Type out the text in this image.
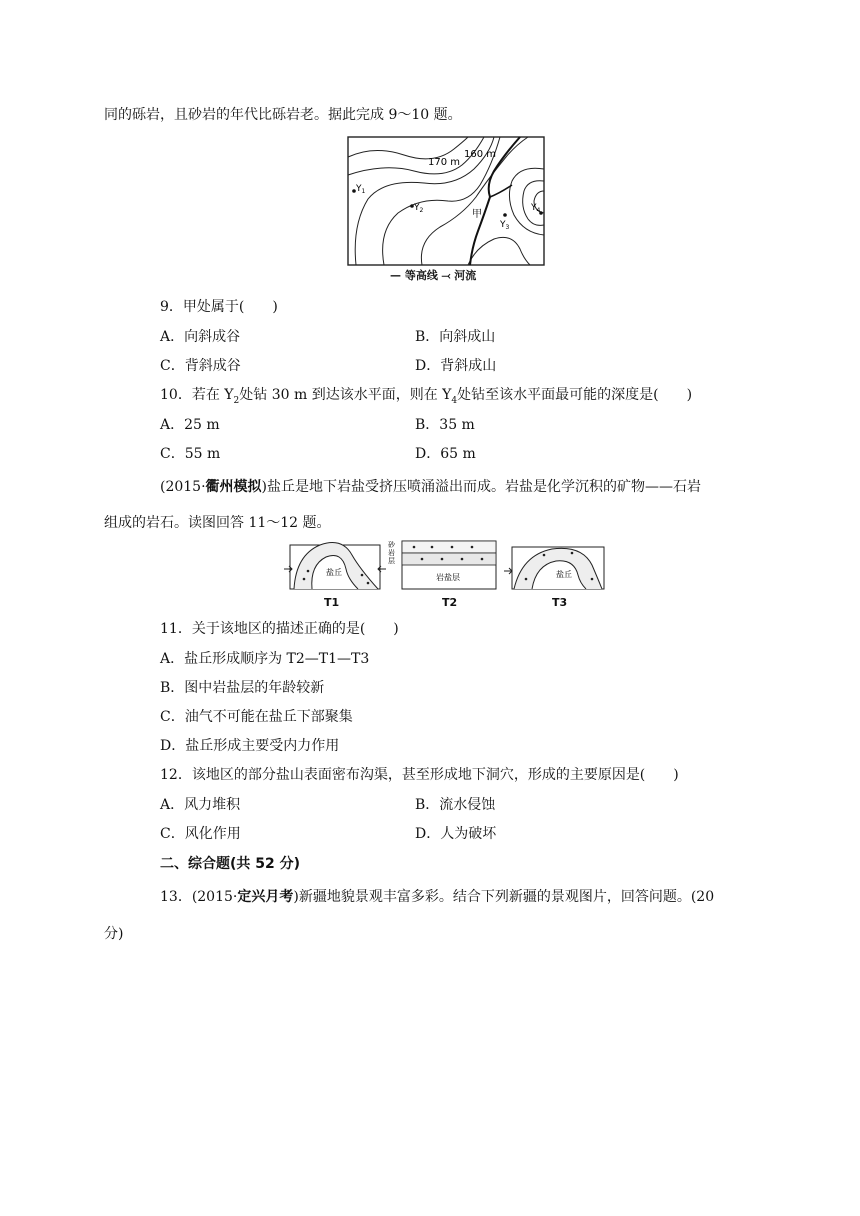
同的砾岩，且砂岩的年代比砾岩老。据此完成 9～10 题。
170 m
160 m
$Y_1$
$Y_2$
$Y_3$
$Y_4$
甲
— 等高线 ⤙ 河流
9．甲处属于(　　)
A．向斜成谷	B．向斜成山
C．背斜成谷	D．背斜成山
10．若在 $Y_2$处钻 30 m 到达该水平面，则在 $Y_4$处钻至该水平面最可能的深度是(　　)
A．25 m	B．35 m
C．55 m	D．65 m
(2015·衢州模拟)盐丘是地下岩盐受挤压喷涌溢出而成。岩盐是化学沉积的矿物——石岩
组成的岩石。读图回答 11～12 题。
盐丘
岩盐层
砂
岩
层
盐丘
T1	T2	T3
11．关于该地区的描述正确的是(　　)
A．盐丘形成顺序为 T2—T1—T3
B．图中岩盐层的年龄较新
C．油气不可能在盐丘下部聚集
D．盐丘形成主要受内力作用
12．该地区的部分盐山表面密布沟渠，甚至形成地下洞穴，形成的主要原因是(　　)
A．风力堆积	B．流水侵蚀
C．风化作用	D．人为破坏
二、综合题(共 52 分)
13．(2015·定兴月考)新疆地貌景观丰富多彩。结合下列新疆的景观图片，回答问题。(20
分)
